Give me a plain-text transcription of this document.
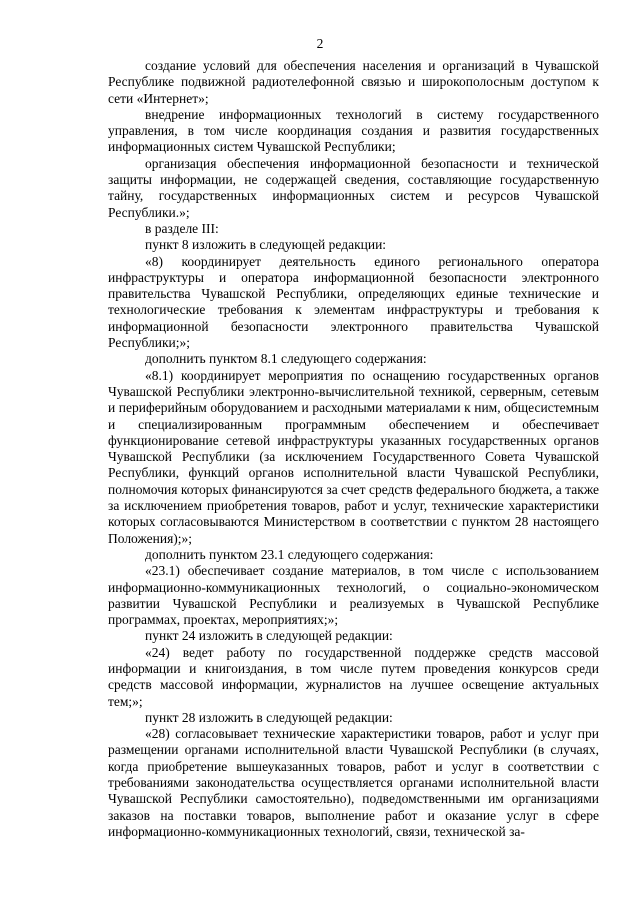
2

создание условий для обеспечения населения и организаций в Чувашской Республике подвижной радиотелефонной связью и широкополосным доступом к сети «Интернет»;

внедрение информационных технологий в систему государственного управления, в том числе координация создания и развития государственных информационных систем Чувашской Республики;

организация обеспечения информационной безопасности и технической защиты информации, не содержащей сведения, составляющие государственную тайну, государственных информационных систем и ресурсов Чувашской Республики.»;

в разделе III:

пункт 8 изложить в следующей редакции:

«8) координирует деятельность единого регионального оператора инфраструктуры и оператора информационной безопасности электронного правительства Чувашской Республики, определяющих единые технические и технологические требования к элементам инфраструктуры и требования к информационной безопасности электронного правительства Чувашской Республики;»;

дополнить пунктом 8.1 следующего содержания:

«8.1) координирует мероприятия по оснащению государственных органов Чувашской Республики электронно-вычислительной техникой, серверным, сетевым и периферийным оборудованием и расходными материалами к ним, общесистемным и специализированным программным обеспечением и обеспечивает функционирование сетевой инфраструктуры указанных государственных органов Чувашской Республики (за исключением Государственного Совета Чувашской Республики, функций органов исполнительной власти Чувашской Республики, полномочия которых финансируются за счет средств федерального бюджета, а также за исключением приобретения товаров, работ и услуг, технические характеристики которых согласовываются Министерством в соответствии с пунктом 28 настоящего Положения);»;

дополнить пунктом 23.1 следующего содержания:

«23.1) обеспечивает создание материалов, в том числе с использованием информационно-коммуникационных технологий, о социально-экономическом развитии Чувашской Республики и реализуемых в Чувашской Республике программах, проектах, мероприятиях;»;

пункт 24 изложить в следующей редакции:

«24) ведет работу по государственной поддержке средств массовой информации и книгоиздания, в том числе путем проведения конкурсов среди средств массовой информации, журналистов на лучшее освещение актуальных тем;»;

пункт 28 изложить в следующей редакции:

«28) согласовывает технические характеристики товаров, работ и услуг при размещении органами исполнительной власти Чувашской Республики (в случаях, когда приобретение вышеуказанных товаров, работ и услуг в соответствии с требованиями законодательства осуществляется органами исполнительной власти Чувашской Республики самостоятельно), подведомственными им организациями заказов на поставки товаров, выполнение работ и оказание услуг в сфере информационно-коммуникационных технологий, связи, технической за-
